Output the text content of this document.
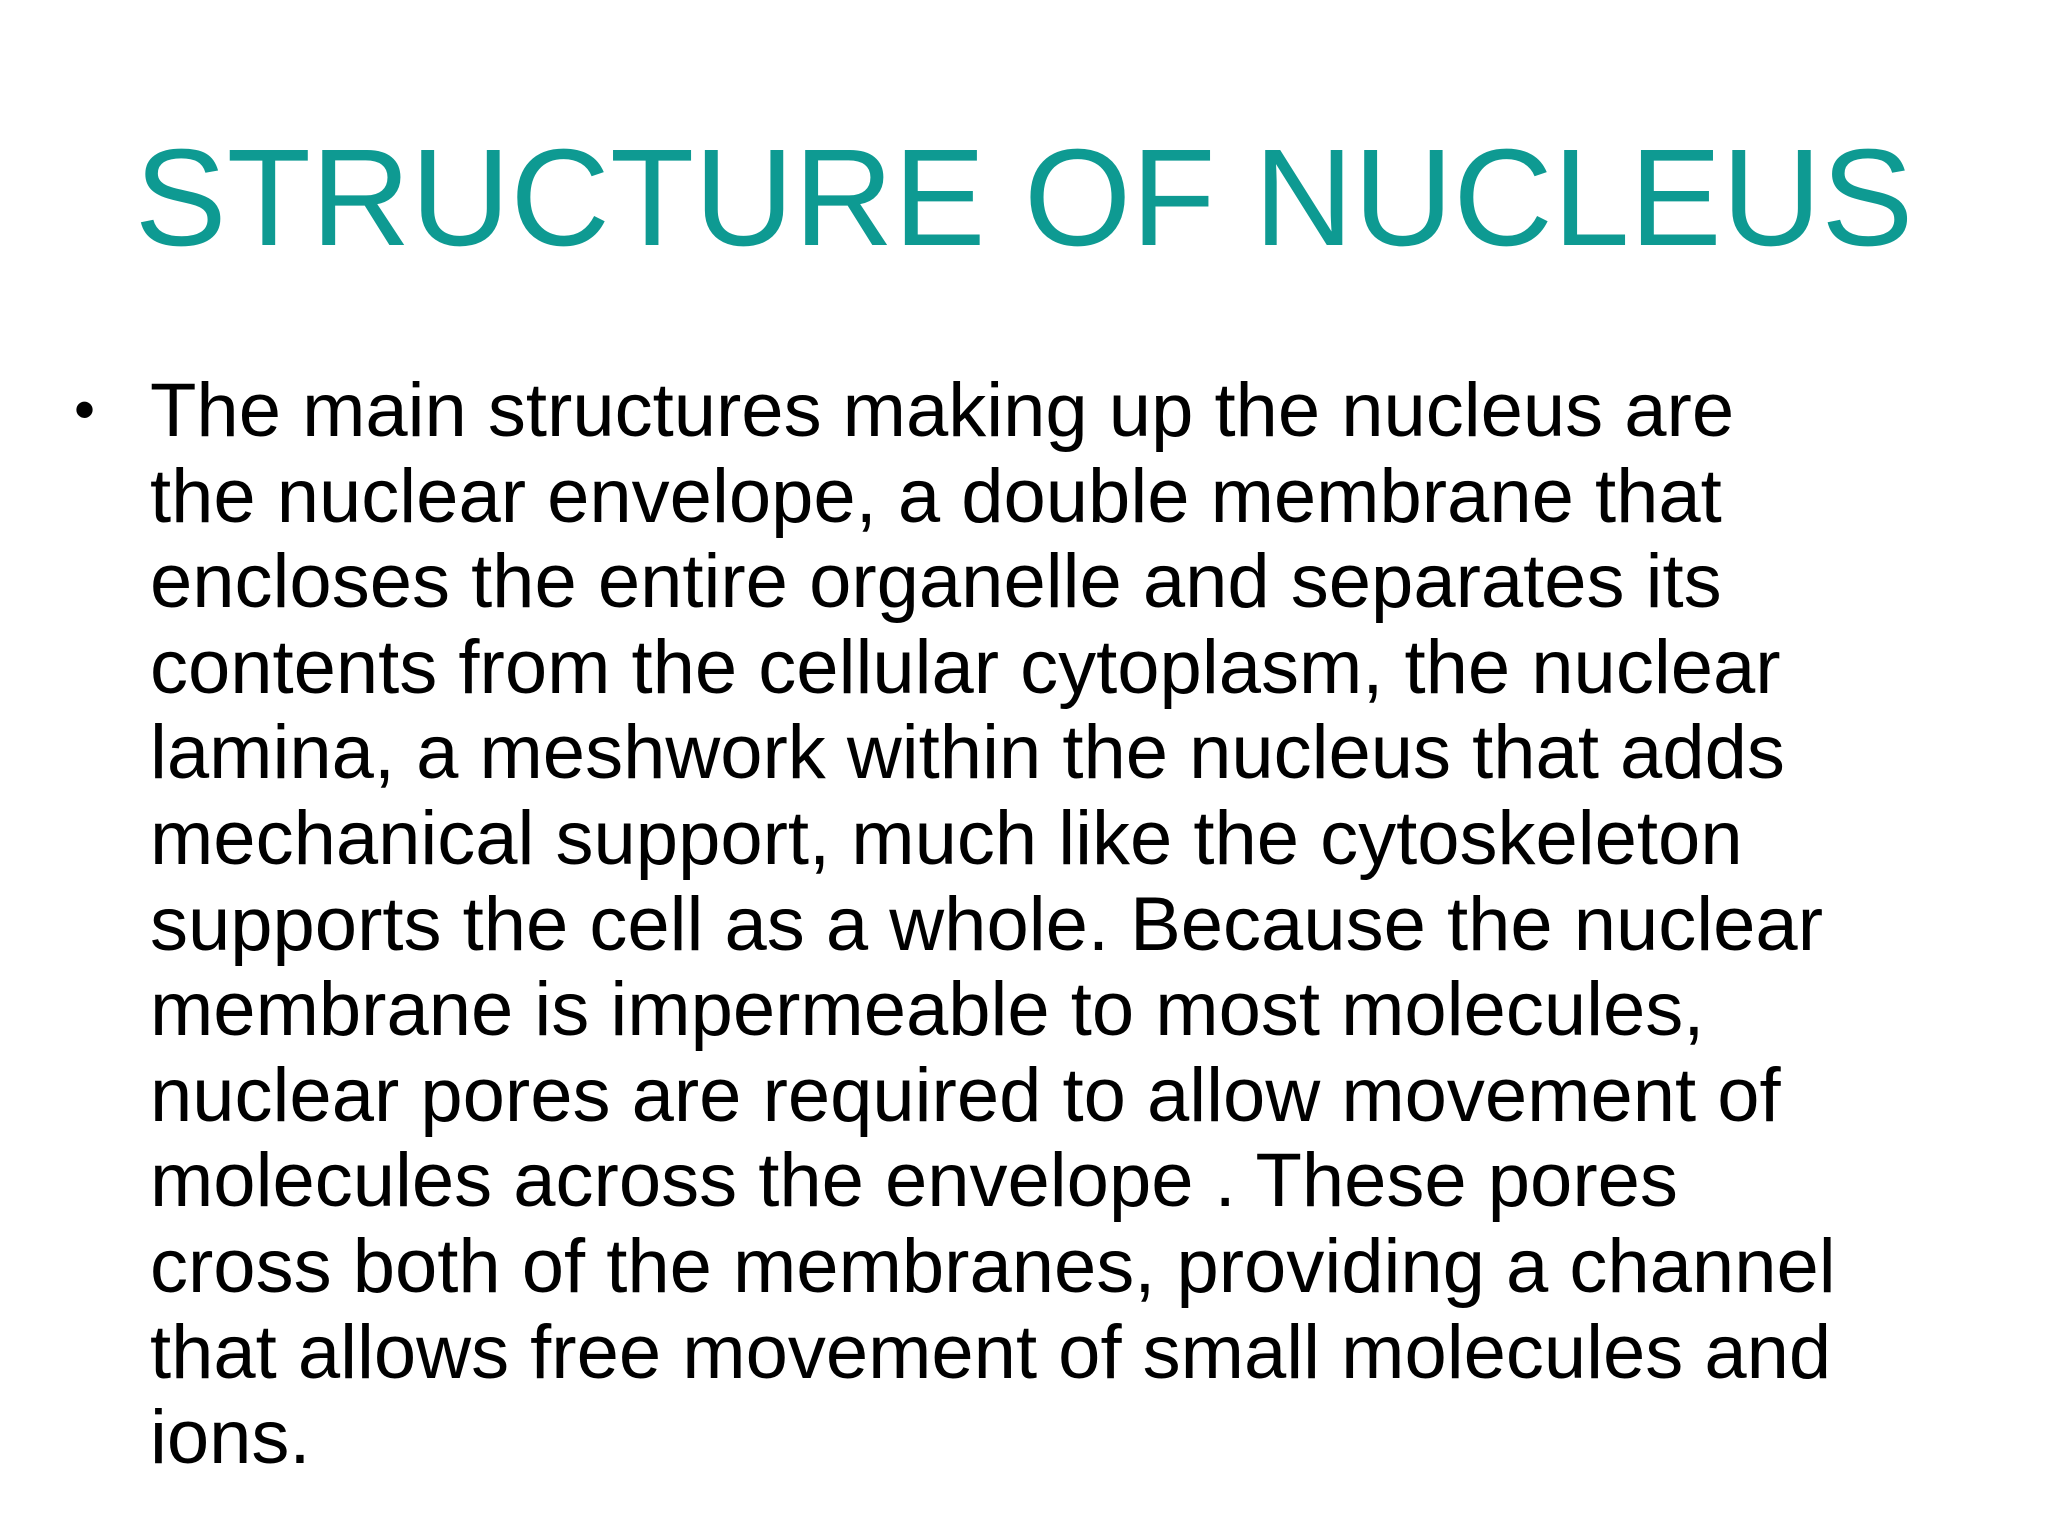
STRUCTURE OF NUCLEUS
• The main structures making up the nucleus are
the nuclear envelope, a double membrane that
encloses the entire organelle and separates its
contents from the cellular cytoplasm, the nuclear
lamina, a meshwork within the nucleus that adds
mechanical support, much like the cytoskeleton
supports the cell as a whole. Because the nuclear
membrane is impermeable to most molecules,
nuclear pores are required to allow movement of
molecules across the envelope . These pores
cross both of the membranes, providing a channel
that allows free movement of small molecules and
ions.
